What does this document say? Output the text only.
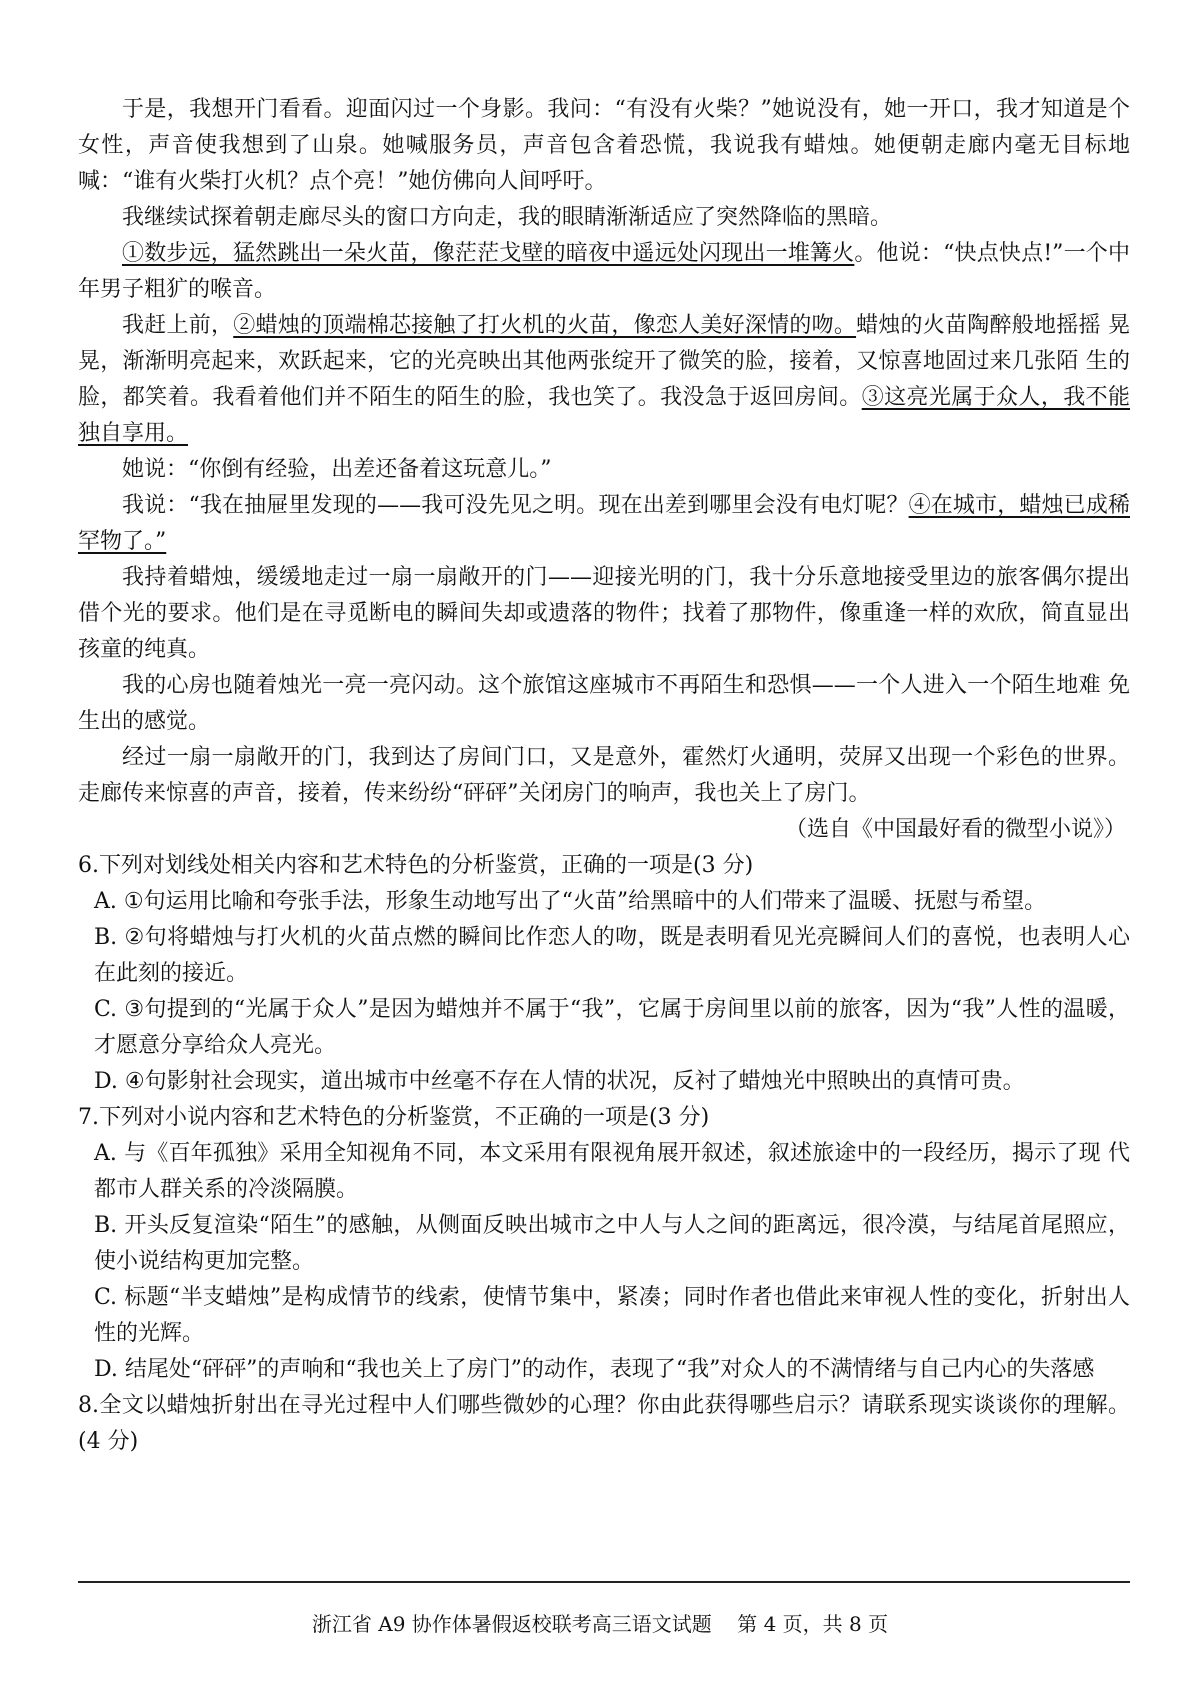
于是，我想开门看看。迎面闪过一个身影。我问：“有没有火柴？”她说没有，她一开口，我才知道是个女性，声音使我想到了山泉。她喊服务员，声音包含着恐慌，我说我有蜡烛。她便朝走廊内毫无目标地喊：“谁有火柴打火机？点个亮！”她仿佛向人间呼吁。

我继续试探着朝走廊尽头的窗口方向走，我的眼睛渐渐适应了突然降临的黑暗。

①数步远，猛然跳出一朵火苗，像茫茫戈壁的暗夜中遥远处闪现出一堆篝火。他说：“快点快点!”一个中年男子粗犷的喉音。

我赶上前，②蜡烛的顶端棉芯接触了打火机的火苗，像恋人美好深情的吻。蜡烛的火苗陶醉般地摇摇 晃晃，渐渐明亮起来，欢跃起来，它的光亮映出其他两张绽开了微笑的脸，接着，又惊喜地固过来几张陌 生的脸，都笑着。我看着他们并不陌生的陌生的脸，我也笑了。我没急于返回房间。③这亮光属于众人，我不能独自享用。

她说：“你倒有经验，出差还备着这玩意儿。”

我说：“我在抽屉里发现的——我可没先见之明。现在出差到哪里会没有电灯呢？④在城市，蜡烛已成稀罕物了。”

我持着蜡烛，缓缓地走过一扇一扇敞开的门——迎接光明的门，我十分乐意地接受里边的旅客偶尔提出借个光的要求。他们是在寻觅断电的瞬间失却或遗落的物件；找着了那物件，像重逢一样的欢欣，简直显出孩童的纯真。

我的心房也随着烛光一亮一亮闪动。这个旅馆这座城市不再陌生和恐惧——一个人进入一个陌生地难 免生出的感觉。

经过一扇一扇敞开的门，我到达了房间门口，又是意外，霍然灯火通明，荧屏又出现一个彩色的世界。走廊传来惊喜的声音，接着，传来纷纷“砰砰”关闭房门的响声，我也关上了房门。

（选自《中国最好看的微型小说》）

6.下列对划线处相关内容和艺术特色的分析鉴赏，正确的一项是(3 分)

A. ①句运用比喻和夸张手法，形象生动地写出了“火苗”给黑暗中的人们带来了温暖、抚慰与希望。

B. ②句将蜡烛与打火机的火苗点燃的瞬间比作恋人的吻，既是表明看见光亮瞬间人们的喜悦，也表明人心 在此刻的接近。

C. ③句提到的“光属于众人”是因为蜡烛并不属于“我”，它属于房间里以前的旅客，因为“我”人性的温暖，才愿意分享给众人亮光。

D. ④句影射社会现实，道出城市中丝毫不存在人情的状况，反衬了蜡烛光中照映出的真情可贵。

7.下列对小说内容和艺术特色的分析鉴赏，不正确的一项是(3 分)

A. 与《百年孤独》采用全知视角不同，本文采用有限视角展开叙述，叙述旅途中的一段经历，揭示了现 代都市人群关系的冷淡隔膜。

B. 开头反复渲染“陌生”的感触，从侧面反映出城市之中人与人之间的距离远，很冷漠，与结尾首尾照应， 使小说结构更加完整。

C. 标题“半支蜡烛”是构成情节的线索，使情节集中，紧凑；同时作者也借此来审视人性的变化，折射出人性的光辉。

D. 结尾处“砰砰”的声响和“我也关上了房门”的动作，表现了“我”对众人的不满情绪与自己内心的失落感

8.全文以蜡烛折射出在寻光过程中人们哪些微妙的心理？你由此获得哪些启示？请联系现实谈谈你的理解。(4 分)

浙江省 A9 协作体暑假返校联考高三语文试题 第 4 页，共 8 页
